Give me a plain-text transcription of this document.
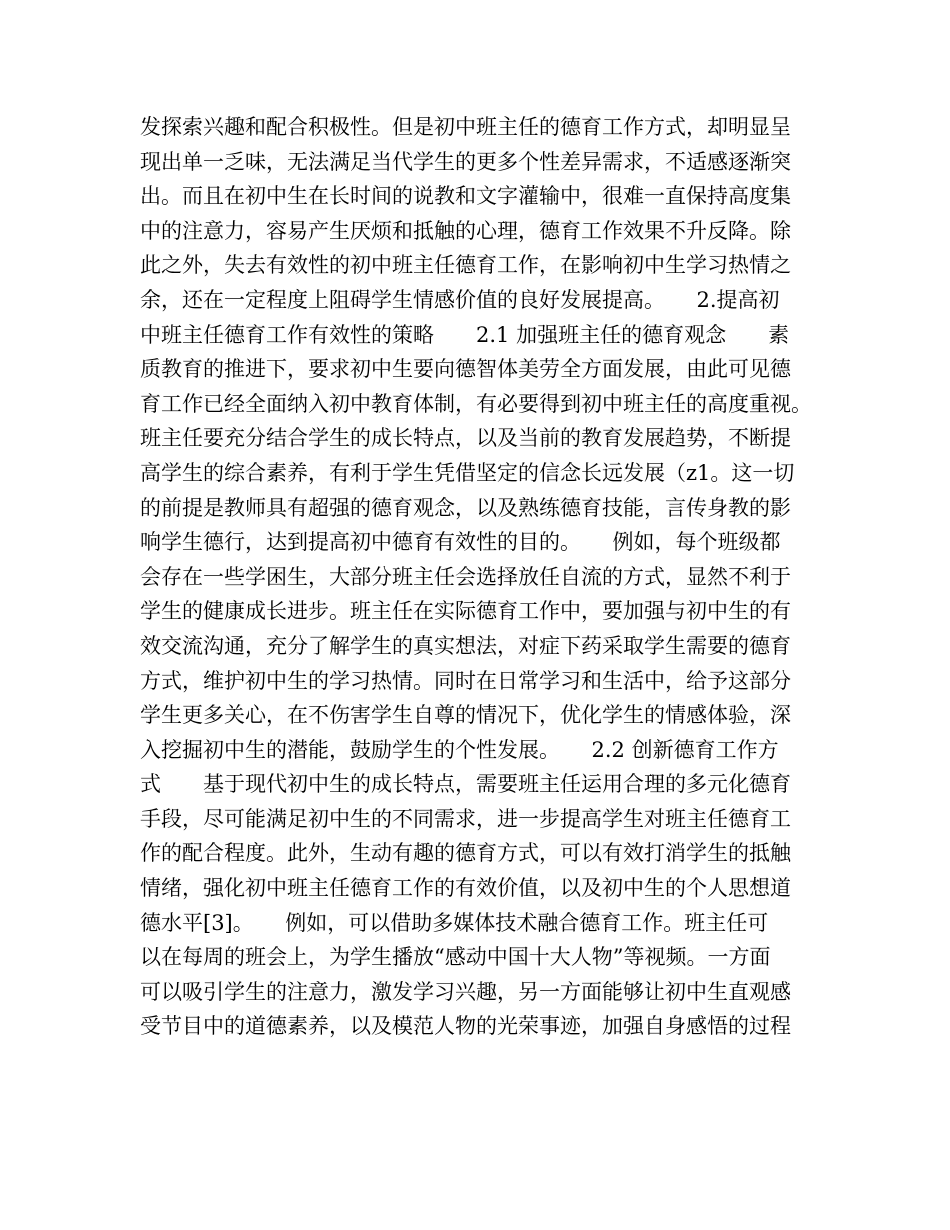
发探索兴趣和配合积极性。但是初中班主任的德育工作方式，却明显呈
现出单一乏味，无法满足当代学生的更多个性差异需求，不适感逐渐突
出。而且在初中生在长时间的说教和文字灌输中，很难一直保持高度集
中的注意力，容易产生厌烦和抵触的心理，德育工作效果不升反降。除
此之外，失去有效性的初中班主任德育工作，在影响初中生学习热情之
余，还在一定程度上阻碍学生情感价值的良好发展提高。　　2.提高初
中班主任德育工作有效性的策略　　2.1 加强班主任的德育观念　　素
质教育的推进下，要求初中生要向德智体美劳全方面发展，由此可见德
育工作已经全面纳入初中教育体制，有必要得到初中班主任的高度重视。
班主任要充分结合学生的成长特点，以及当前的教育发展趋势，不断提
高学生的综合素养，有利于学生凭借坚定的信念长远发展（z1。这一切
的前提是教师具有超强的德育观念，以及熟练德育技能，言传身教的影
响学生德行，达到提高初中德育有效性的目的。　　例如，每个班级都
会存在一些学困生，大部分班主任会选择放任自流的方式，显然不利于
学生的健康成长进步。班主任在实际德育工作中，要加强与初中生的有
效交流沟通，充分了解学生的真实想法，对症下药采取学生需要的德育
方式，维护初中生的学习热情。同时在日常学习和生活中，给予这部分
学生更多关心，在不伤害学生自尊的情况下，优化学生的情感体验，深
入挖掘初中生的潜能，鼓励学生的个性发展。　　2.2 创新德育工作方
式　　基于现代初中生的成长特点，需要班主任运用合理的多元化德育
手段，尽可能满足初中生的不同需求，进一步提高学生对班主任德育工
作的配合程度。此外，生动有趣的德育方式，可以有效打消学生的抵触
情绪，强化初中班主任德育工作的有效价值，以及初中生的个人思想道
德水平[3]。　　例如，可以借助多媒体技术融合德育工作。班主任可
以在每周的班会上，为学生播放“感动中国十大人物”等视频。一方面
可以吸引学生的注意力，激发学习兴趣，另一方面能够让初中生直观感
受节目中的道德素养，以及模范人物的光荣事迹，加强自身感悟的过程
